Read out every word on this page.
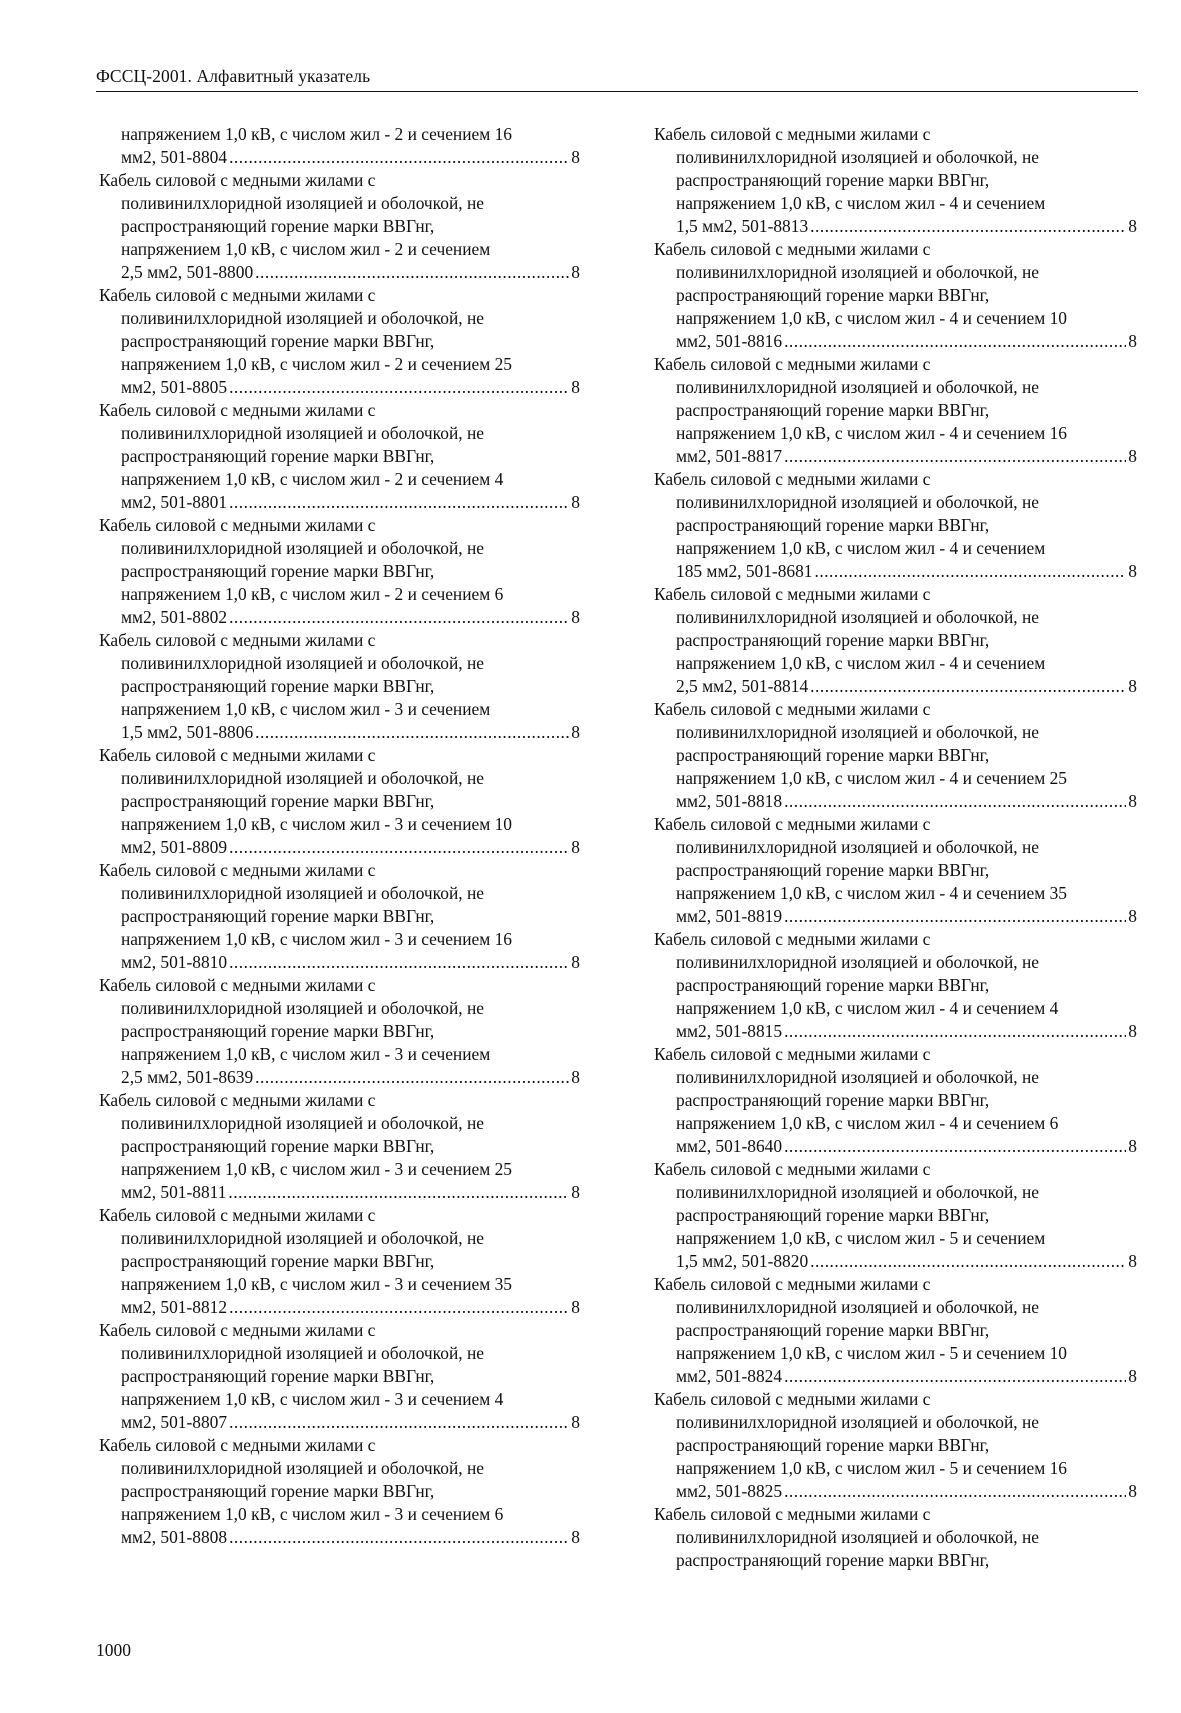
ФССЦ-2001. Алфавитный указатель
напряжением 1,0 кВ, с числом жил - 2 и сечением 16
мм2, 501-8804 .....	8
Кабель силовой с медными жилами с
поливинилхлоридной изоляцией и оболочкой, не
распространяющий горение марки ВВГнг,
напряжением 1,0 кВ, с числом жил - 2 и сечением
2,5 мм2, 501-8800 .....	8
Кабель силовой с медными жилами с
поливинилхлоридной изоляцией и оболочкой, не
распространяющий горение марки ВВГнг,
напряжением 1,0 кВ, с числом жил - 2 и сечением 25
мм2, 501-8805 .....	8
Кабель силовой с медными жилами с
поливинилхлоридной изоляцией и оболочкой, не
распространяющий горение марки ВВГнг,
напряжением 1,0 кВ, с числом жил - 2 и сечением 4
мм2, 501-8801 .....	8
Кабель силовой с медными жилами с
поливинилхлоридной изоляцией и оболочкой, не
распространяющий горение марки ВВГнг,
напряжением 1,0 кВ, с числом жил - 2 и сечением 6
мм2, 501-8802 .....	8
Кабель силовой с медными жилами с
поливинилхлоридной изоляцией и оболочкой, не
распространяющий горение марки ВВГнг,
напряжением 1,0 кВ, с числом жил - 3 и сечением
1,5 мм2, 501-8806 .....	8
Кабель силовой с медными жилами с
поливинилхлоридной изоляцией и оболочкой, не
распространяющий горение марки ВВГнг,
напряжением 1,0 кВ, с числом жил - 3 и сечением 10
мм2, 501-8809 .....	8
Кабель силовой с медными жилами с
поливинилхлоридной изоляцией и оболочкой, не
распространяющий горение марки ВВГнг,
напряжением 1,0 кВ, с числом жил - 3 и сечением 16
мм2, 501-8810 .....	8
Кабель силовой с медными жилами с
поливинилхлоридной изоляцией и оболочкой, не
распространяющий горение марки ВВГнг,
напряжением 1,0 кВ, с числом жил - 3 и сечением
2,5 мм2, 501-8639 .....	8
Кабель силовой с медными жилами с
поливинилхлоридной изоляцией и оболочкой, не
распространяющий горение марки ВВГнг,
напряжением 1,0 кВ, с числом жил - 3 и сечением 25
мм2, 501-8811 .....	8
Кабель силовой с медными жилами с
поливинилхлоридной изоляцией и оболочкой, не
распространяющий горение марки ВВГнг,
напряжением 1,0 кВ, с числом жил - 3 и сечением 35
мм2, 501-8812 .....	8
Кабель силовой с медными жилами с
поливинилхлоридной изоляцией и оболочкой, не
распространяющий горение марки ВВГнг,
напряжением 1,0 кВ, с числом жил - 3 и сечением 4
мм2, 501-8807 .....	8
Кабель силовой с медными жилами с
поливинилхлоридной изоляцией и оболочкой, не
распространяющий горение марки ВВГнг,
напряжением 1,0 кВ, с числом жил - 3 и сечением 6
мм2, 501-8808 .....	8
Кабель силовой с медными жилами с
поливинилхлоридной изоляцией и оболочкой, не
распространяющий горение марки ВВГнг,
напряжением 1,0 кВ, с числом жил - 4 и сечением
1,5 мм2, 501-8813 .....	8
Кабель силовой с медными жилами с
поливинилхлоридной изоляцией и оболочкой, не
распространяющий горение марки ВВГнг,
напряжением 1,0 кВ, с числом жил - 4 и сечением 10
мм2, 501-8816 .....	8
Кабель силовой с медными жилами с
поливинилхлоридной изоляцией и оболочкой, не
распространяющий горение марки ВВГнг,
напряжением 1,0 кВ, с числом жил - 4 и сечением 16
мм2, 501-8817 .....	8
Кабель силовой с медными жилами с
поливинилхлоридной изоляцией и оболочкой, не
распространяющий горение марки ВВГнг,
напряжением 1,0 кВ, с числом жил - 4 и сечением
185 мм2, 501-8681 .....	8
Кабель силовой с медными жилами с
поливинилхлоридной изоляцией и оболочкой, не
распространяющий горение марки ВВГнг,
напряжением 1,0 кВ, с числом жил - 4 и сечением
2,5 мм2, 501-8814 .....	8
Кабель силовой с медными жилами с
поливинилхлоридной изоляцией и оболочкой, не
распространяющий горение марки ВВГнг,
напряжением 1,0 кВ, с числом жил - 4 и сечением 25
мм2, 501-8818 .....	8
Кабель силовой с медными жилами с
поливинилхлоридной изоляцией и оболочкой, не
распространяющий горение марки ВВГнг,
напряжением 1,0 кВ, с числом жил - 4 и сечением 35
мм2, 501-8819 .....	8
Кабель силовой с медными жилами с
поливинилхлоридной изоляцией и оболочкой, не
распространяющий горение марки ВВГнг,
напряжением 1,0 кВ, с числом жил - 4 и сечением 4
мм2, 501-8815 .....	8
Кабель силовой с медными жилами с
поливинилхлоридной изоляцией и оболочкой, не
распространяющий горение марки ВВГнг,
напряжением 1,0 кВ, с числом жил - 4 и сечением 6
мм2, 501-8640 .....	8
Кабель силовой с медными жилами с
поливинилхлоридной изоляцией и оболочкой, не
распространяющий горение марки ВВГнг,
напряжением 1,0 кВ, с числом жил - 5 и сечением
1,5 мм2, 501-8820 .....	8
Кабель силовой с медными жилами с
поливинилхлоридной изоляцией и оболочкой, не
распространяющий горение марки ВВГнг,
напряжением 1,0 кВ, с числом жил - 5 и сечением 10
мм2, 501-8824 .....	8
Кабель силовой с медными жилами с
поливинилхлоридной изоляцией и оболочкой, не
распространяющий горение марки ВВГнг,
напряжением 1,0 кВ, с числом жил - 5 и сечением 16
мм2, 501-8825 .....	8
Кабель силовой с медными жилами с
поливинилхлоридной изоляцией и оболочкой, не
распространяющий горение марки ВВГнг,
1000
